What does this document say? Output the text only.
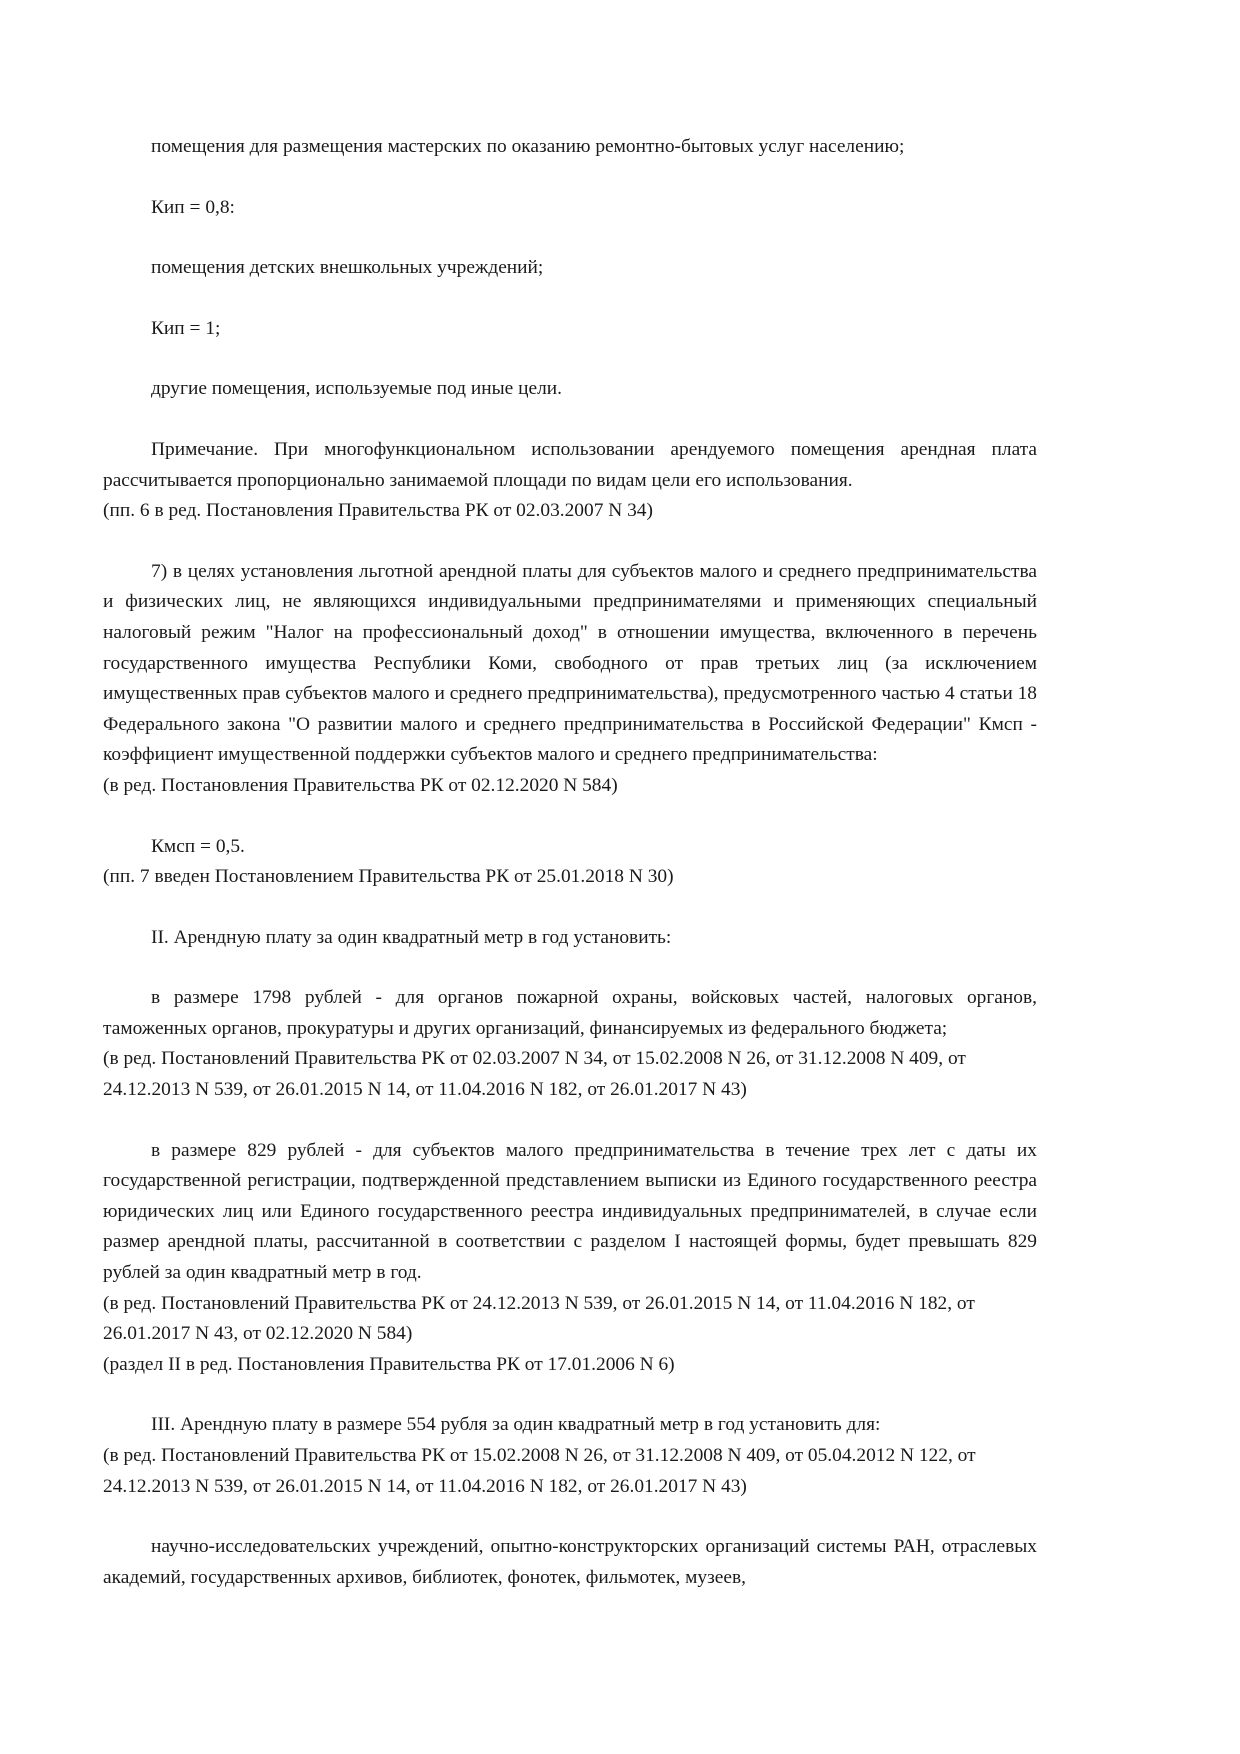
помещения для размещения мастерских по оказанию ремонтно-бытовых услуг населению;

Кип = 0,8:

помещения детских внешкольных учреждений;

Кип = 1;

другие помещения, используемые под иные цели.

Примечание. При многофункциональном использовании арендуемого помещения арендная плата рассчитывается пропорционально занимаемой площади по видам цели его использования.

(пп. 6 в ред. Постановления Правительства РК от 02.03.2007 N 34)

7) в целях установления льготной арендной платы для субъектов малого и среднего предпринимательства и физических лиц, не являющихся индивидуальными предпринимателями и применяющих специальный налоговый режим "Налог на профессиональный доход" в отношении имущества, включенного в перечень государственного имущества Республики Коми, свободного от прав третьих лиц (за исключением имущественных прав субъектов малого и среднего предпринимательства), предусмотренного частью 4 статьи 18 Федерального закона "О развитии малого и среднего предпринимательства в Российской Федерации" Кмсп - коэффициент имущественной поддержки субъектов малого и среднего предпринимательства:

(в ред. Постановления Правительства РК от 02.12.2020 N 584)

Кмсп = 0,5.

(пп. 7 введен Постановлением Правительства РК от 25.01.2018 N 30)

II. Арендную плату за один квадратный метр в год установить:

в размере 1798 рублей - для органов пожарной охраны, войсковых частей, налоговых органов, таможенных органов, прокуратуры и других организаций, финансируемых из федерального бюджета;

(в ред. Постановлений Правительства РК от 02.03.2007 N 34, от 15.02.2008 N 26, от 31.12.2008 N 409, от 24.12.2013 N 539, от 26.01.2015 N 14, от 11.04.2016 N 182, от 26.01.2017 N 43)

в размере 829 рублей - для субъектов малого предпринимательства в течение трех лет с даты их государственной регистрации, подтвержденной представлением выписки из Единого государственного реестра юридических лиц или Единого государственного реестра индивидуальных предпринимателей, в случае если размер арендной платы, рассчитанной в соответствии с разделом I настоящей формы, будет превышать 829 рублей за один квадратный метр в год.

(в ред. Постановлений Правительства РК от 24.12.2013 N 539, от 26.01.2015 N 14, от 11.04.2016 N 182, от 26.01.2017 N 43, от 02.12.2020 N 584)

(раздел II в ред. Постановления Правительства РК от 17.01.2006 N 6)

III. Арендную плату в размере 554 рубля за один квадратный метр в год установить для:

(в ред. Постановлений Правительства РК от 15.02.2008 N 26, от 31.12.2008 N 409, от 05.04.2012 N 122, от 24.12.2013 N 539, от 26.01.2015 N 14, от 11.04.2016 N 182, от 26.01.2017 N 43)

научно-исследовательских учреждений, опытно-конструкторских организаций системы РАН, отраслевых академий, государственных архивов, библиотек, фонотек, фильмотек, музеев,
